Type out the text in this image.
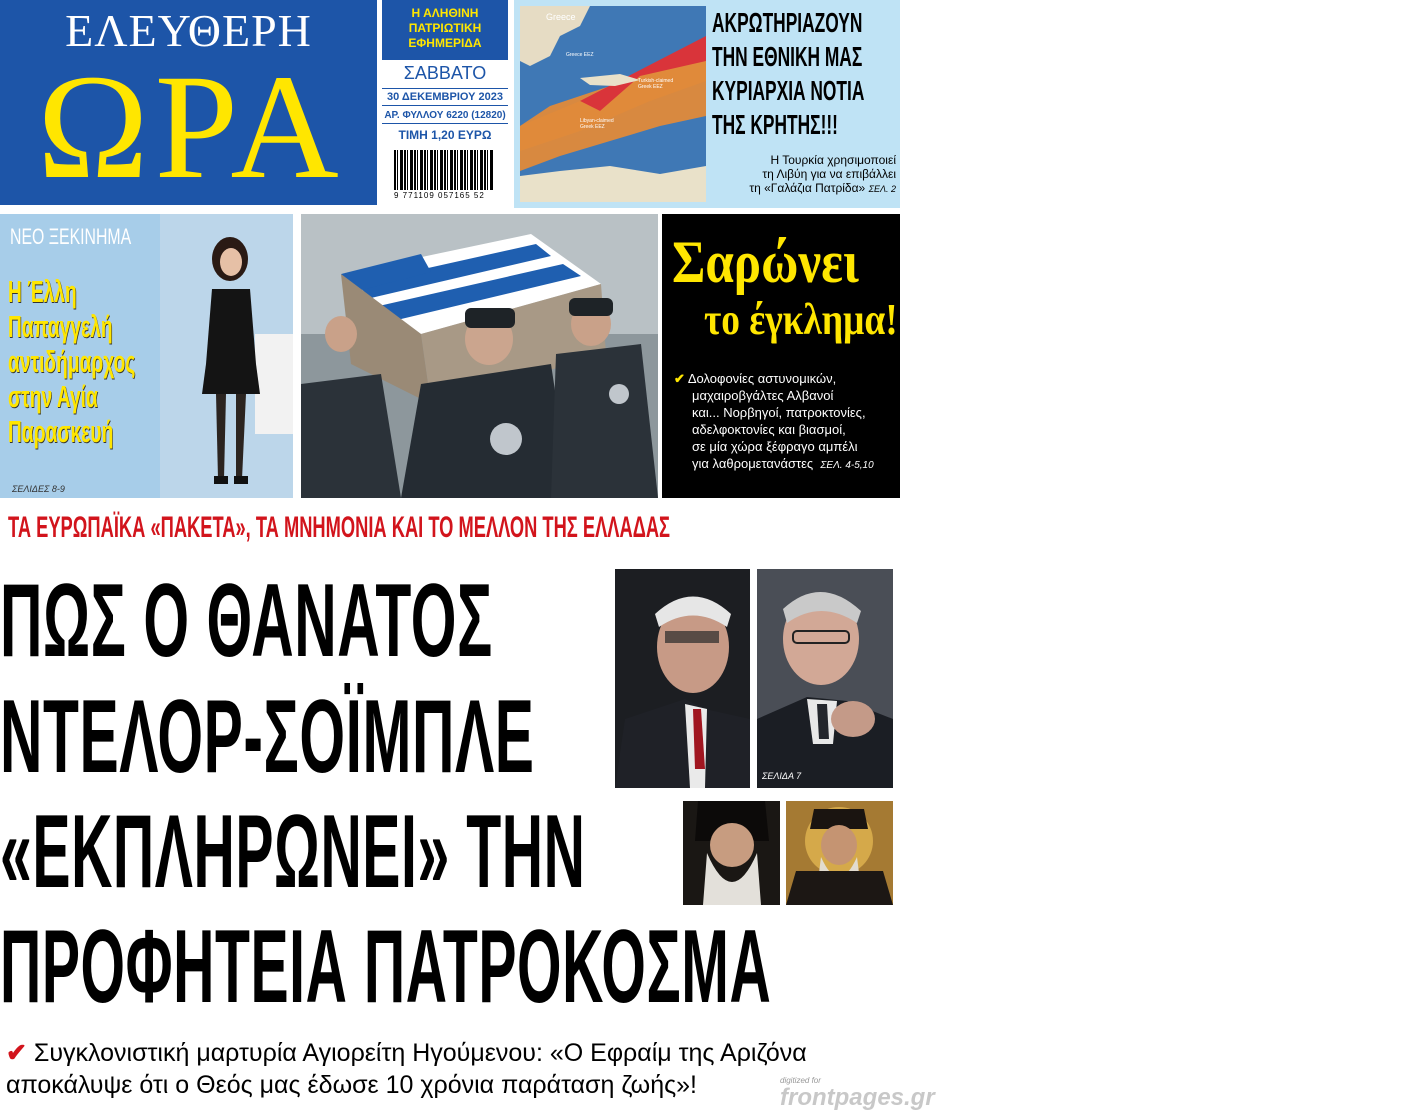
ΕΛΕΥΘΕΡΗ
ΩΡΑ
Η ΑΛΗΘΙΝΗ
ΠΑΤΡΙΩΤΙΚΗ
ΕΦΗΜΕΡΙΔΑ
ΣΑΒΒΑΤΟ
30 ΔΕΚΕΜΒΡΙΟΥ 2023
ΑΡ. ΦΥΛΛΟΥ 6220 (12820)
ΤΙΜΗ 1,20 ΕΥΡΩ
9 771109 057165 52
Greece
Turkish-claimed Greek EEZ
Libyan-claimed Greek EEZ
Greece EEZ
ΑΚΡΩΤΗΡΙΑΖΟΥΝ
ΤΗΝ ΕΘΝΙΚΗ ΜΑΣ
ΚΥΡΙΑΡΧΙΑ ΝΟΤΙΑ
ΤΗΣ ΚΡΗΤΗΣ!!!
Η Τουρκία χρησιμοποιεί
τη Λιβύη για να επιβάλλει
τη «Γαλάζια Πατρίδα» ΣΕΛ. 2
ΝΕΟ ΞΕΚΙΝΗΜΑ
Η Έλλη
Παπαγγελή
αντιδήμαρχος
στην Αγία
Παρασκευή
ΣΕΛΙΔΕΣ 8-9
Σαρώνει
το έγκλημα!
✔ Δολοφονίες αστυνομικών,
μαχαιροβγάλτες Αλβανοί
και... Νορβηγοί, πατροκτονίες,
αδελφοκτονίες και βιασμοί,
σε μία χώρα ξέφραγο αμπέλι
για λαθρομετανάστες ΣΕΛ. 4-5,10
ΤΑ ΕΥΡΩΠΑΪΚΑ «ΠΑΚΕΤΑ», ΤΑ ΜΝΗΜΟΝΙΑ ΚΑΙ ΤΟ ΜΕΛΛΟΝ ΤΗΣ ΕΛΛΑΔΑΣ
ΠΩΣ Ο ΘΑΝΑΤΟΣ
ΝΤΕΛΟΡ-ΣΟΪΜΠΛΕ
«ΕΚΠΛΗΡΩΝΕΙ» ΤΗΝ
ΠΡΟΦΗΤΕΙΑ ΠΑΤΡΟΚΟΣΜΑ
ΣΕΛΙΔΑ 7
✔ Συγκλονιστική μαρτυρία Αγιορείτη Ηγούμενου: «Ο Εφραίμ της Αριζόνα αποκάλυψε ότι ο Θεός μας έδωσε 10 χρόνια παράταση ζωής»!	digitized for
frontpages.gr
